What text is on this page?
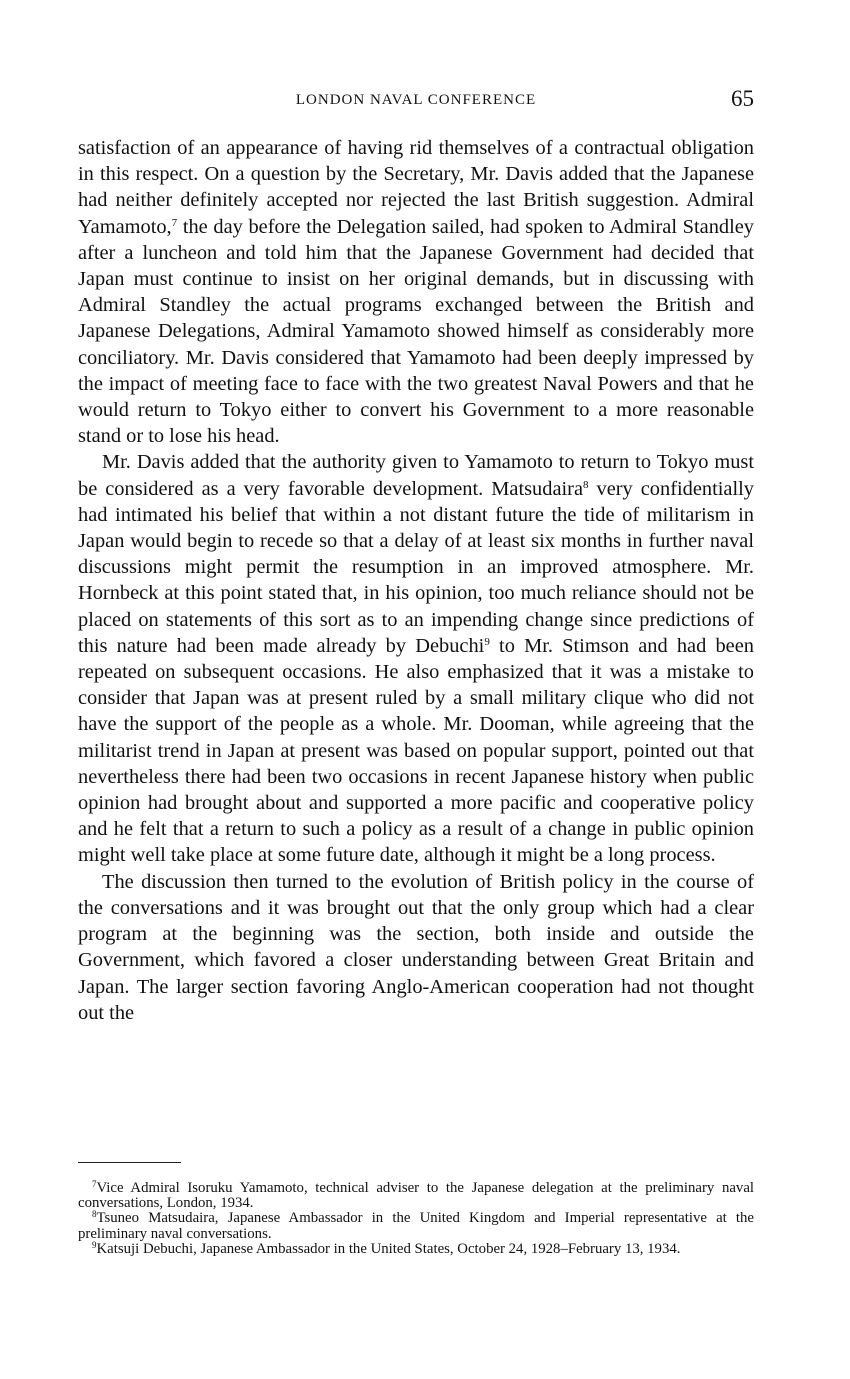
LONDON NAVAL CONFERENCE	65

satisfaction of an appearance of having rid themselves of a contractual obligation in this respect. On a question by the Secretary, Mr. Davis added that the Japanese had neither definitely accepted nor rejected the last British suggestion. Admiral Yamamoto,$^7$ the day before the Delegation sailed, had spoken to Admiral Standley after a luncheon and told him that the Japanese Government had decided that Japan must continue to insist on her original demands, but in discussing with Admiral Standley the actual programs exchanged between the British and Japanese Delegations, Admiral Yamamoto showed himself as considerably more conciliatory. Mr. Davis considered that Yamamoto had been deeply impressed by the impact of meeting face to face with the two greatest Naval Powers and that he would return to Tokyo either to convert his Government to a more reasonable stand or to lose his head.

Mr. Davis added that the authority given to Yamamoto to return to Tokyo must be considered as a very favorable development. Matsudaira$^8$ very confidentially had intimated his belief that within a not distant future the tide of militarism in Japan would begin to recede so that a delay of at least six months in further naval discussions might permit the resumption in an improved atmosphere. Mr. Hornbeck at this point stated that, in his opinion, too much reliance should not be placed on statements of this sort as to an impending change since predictions of this nature had been made already by Debuchi$^9$ to Mr. Stimson and had been repeated on subsequent occasions. He also emphasized that it was a mistake to consider that Japan was at present ruled by a small military clique who did not have the support of the people as a whole. Mr. Dooman, while agreeing that the militarist trend in Japan at present was based on popular support, pointed out that nevertheless there had been two occasions in recent Japanese history when public opinion had brought about and supported a more pacific and cooperative policy and he felt that a return to such a policy as a result of a change in public opinion might well take place at some future date, although it might be a long process.

The discussion then turned to the evolution of British policy in the course of the conversations and it was brought out that the only group which had a clear program at the beginning was the section, both inside and outside the Government, which favored a closer understanding between Great Britain and Japan. The larger section favoring Anglo-American cooperation had not thought out the

$^7$Vice Admiral Isoruku Yamamoto, technical adviser to the Japanese delegation at the preliminary naval conversations, London, 1934.

$^8$Tsuneo Matsudaira, Japanese Ambassador in the United Kingdom and Imperial representative at the preliminary naval conversations.

$^9$Katsuji Debuchi, Japanese Ambassador in the United States, October 24, 1928–February 13, 1934.
